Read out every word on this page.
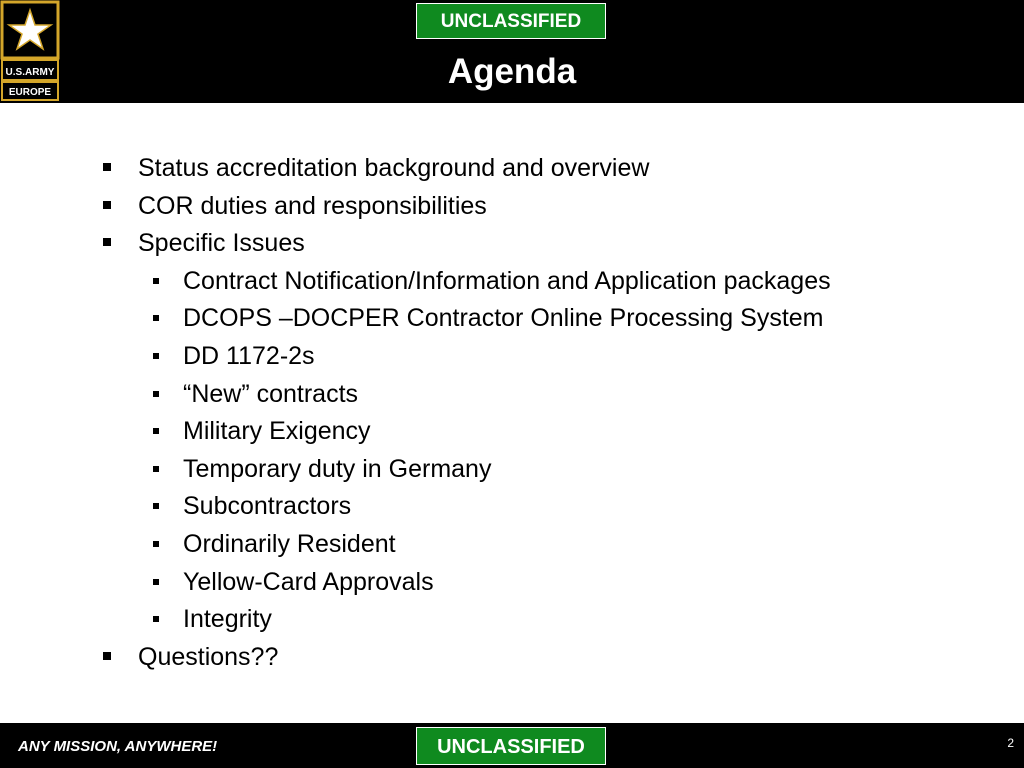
U.S.ARMY
EUROPE
UNCLASSIFIED
Agenda
Status accreditation background and overview
COR duties and responsibilities
Specific Issues
Contract Notification/Information and Application packages
DCOPS –DOCPER Contractor Online Processing System
DD 1172-2s
“New” contracts
Military Exigency
Temporary duty in Germany
Subcontractors
Ordinarily Resident
Yellow-Card Approvals
Integrity
Questions??
ANY MISSION, ANYWHERE!	UNCLASSIFIED	2
